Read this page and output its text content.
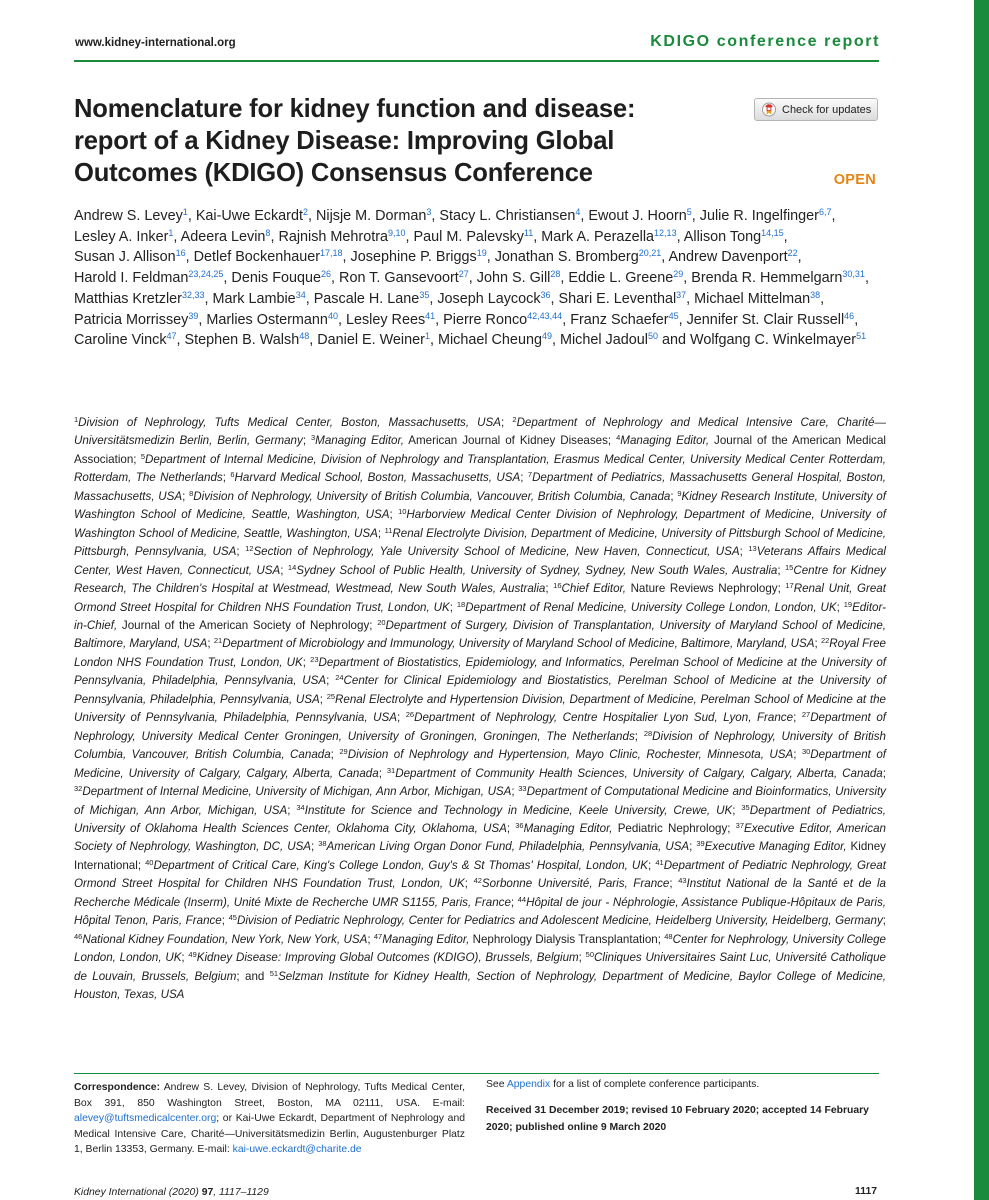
www.kidney-international.org	KDIGO conference report
Nomenclature for kidney function and disease: report of a Kidney Disease: Improving Global Outcomes (KDIGO) Consensus Conference
Check for updates
OPEN

Andrew S. Levey$^1$, Kai-Uwe Eckardt$^2$, Nijsje M. Dorman$^3$, Stacy L. Christiansen$^4$, Ewout J. Hoorn$^5$, Julie R. Ingelfinger$^{6,7}$, Lesley A. Inker$^1$, Adeera Levin$^8$, Rajnish Mehrotra$^{9,10}$, Paul M. Palevsky$^{11}$, Mark A. Perazella$^{12,13}$, Allison Tong$^{14,15}$, Susan J. Allison$^{16}$, Detlef Bockenhauer$^{17,18}$, Josephine P. Briggs$^{19}$, Jonathan S. Bromberg$^{20,21}$, Andrew Davenport$^{22}$, Harold I. Feldman$^{23,24,25}$, Denis Fouque$^{26}$, Ron T. Gansevoort$^{27}$, John S. Gill$^{28}$, Eddie L. Greene$^{29}$, Brenda R. Hemmelgarn$^{30,31}$, Matthias Kretzler$^{32,33}$, Mark Lambie$^{34}$, Pascale H. Lane$^{35}$, Joseph Laycock$^{36}$, Shari E. Leventhal$^{37}$, Michael Mittelman$^{38}$, Patricia Morrissey$^{39}$, Marlies Ostermann$^{40}$, Lesley Rees$^{41}$, Pierre Ronco$^{42,43,44}$, Franz Schaefer$^{45}$, Jennifer St. Clair Russell$^{46}$, Caroline Vinck$^{47}$, Stephen B. Walsh$^{48}$, Daniel E. Weiner$^1$, Michael Cheung$^{49}$, Michel Jadoul$^{50}$ and Wolfgang C. Winkelmayer$^{51}$

$^1$Division of Nephrology, Tufts Medical Center, Boston, Massachusetts, USA; $^2$Department of Nephrology and Medical Intensive Care, Charité—Universitätsmedizin Berlin, Berlin, Germany; $^3$Managing Editor, American Journal of Kidney Diseases; $^4$Managing Editor, Journal of the American Medical Association; $^5$Department of Internal Medicine, Division of Nephrology and Transplantation, Erasmus Medical Center, University Medical Center Rotterdam, Rotterdam, The Netherlands; $^6$Harvard Medical School, Boston, Massachusetts, USA; $^7$Department of Pediatrics, Massachusetts General Hospital, Boston, Massachusetts, USA; $^8$Division of Nephrology, University of British Columbia, Vancouver, British Columbia, Canada; $^9$Kidney Research Institute, University of Washington School of Medicine, Seattle, Washington, USA; $^{10}$Harborview Medical Center Division of Nephrology, Department of Medicine, University of Washington School of Medicine, Seattle, Washington, USA; $^{11}$Renal Electrolyte Division, Department of Medicine, University of Pittsburgh School of Medicine, Pittsburgh, Pennsylvania, USA; $^{12}$Section of Nephrology, Yale University School of Medicine, New Haven, Connecticut, USA; $^{13}$Veterans Affairs Medical Center, West Haven, Connecticut, USA; $^{14}$Sydney School of Public Health, University of Sydney, Sydney, New South Wales, Australia; $^{15}$Centre for Kidney Research, The Children's Hospital at Westmead, Westmead, New South Wales, Australia; $^{16}$Chief Editor, Nature Reviews Nephrology; $^{17}$Renal Unit, Great Ormond Street Hospital for Children NHS Foundation Trust, London, UK; $^{18}$Department of Renal Medicine, University College London, London, UK; $^{19}$Editor-in-Chief, Journal of the American Society of Nephrology; $^{20}$Department of Surgery, Division of Transplantation, University of Maryland School of Medicine, Baltimore, Maryland, USA; $^{21}$Department of Microbiology and Immunology, University of Maryland School of Medicine, Baltimore, Maryland, USA; $^{22}$Royal Free London NHS Foundation Trust, London, UK; $^{23}$Department of Biostatistics, Epidemiology, and Informatics, Perelman School of Medicine at the University of Pennsylvania, Philadelphia, Pennsylvania, USA; $^{24}$Center for Clinical Epidemiology and Biostatistics, Perelman School of Medicine at the University of Pennsylvania, Philadelphia, Pennsylvania, USA; $^{25}$Renal Electrolyte and Hypertension Division, Department of Medicine, Perelman School of Medicine at the University of Pennsylvania, Philadelphia, Pennsylvania, USA; $^{26}$Department of Nephrology, Centre Hospitalier Lyon Sud, Lyon, France; $^{27}$Department of Nephrology, University Medical Center Groningen, University of Groningen, Groningen, The Netherlands; $^{28}$Division of Nephrology, University of British Columbia, Vancouver, British Columbia, Canada; $^{29}$Division of Nephrology and Hypertension, Mayo Clinic, Rochester, Minnesota, USA; $^{30}$Department of Medicine, University of Calgary, Calgary, Alberta, Canada; $^{31}$Department of Community Health Sciences, University of Calgary, Calgary, Alberta, Canada; $^{32}$Department of Internal Medicine, University of Michigan, Ann Arbor, Michigan, USA; $^{33}$Department of Computational Medicine and Bioinformatics, University of Michigan, Ann Arbor, Michigan, USA; $^{34}$Institute for Science and Technology in Medicine, Keele University, Crewe, UK; $^{35}$Department of Pediatrics, University of Oklahoma Health Sciences Center, Oklahoma City, Oklahoma, USA; $^{36}$Managing Editor, Pediatric Nephrology; $^{37}$Executive Editor, American Society of Nephrology, Washington, DC, USA; $^{38}$American Living Organ Donor Fund, Philadelphia, Pennsylvania, USA; $^{39}$Executive Managing Editor, Kidney International; $^{40}$Department of Critical Care, King's College London, Guy's & St Thomas' Hospital, London, UK; $^{41}$Department of Pediatric Nephrology, Great Ormond Street Hospital for Children NHS Foundation Trust, London, UK; $^{42}$Sorbonne Université, Paris, France; $^{43}$Institut National de la Santé et de la Recherche Médicale (Inserm), Unité Mixte de Recherche UMR S1155, Paris, France; $^{44}$Hôpital de jour - Néphrologie, Assistance Publique-Hôpitaux de Paris, Hôpital Tenon, Paris, France; $^{45}$Division of Pediatric Nephrology, Center for Pediatrics and Adolescent Medicine, Heidelberg University, Heidelberg, Germany; $^{46}$National Kidney Foundation, New York, New York, USA; $^{47}$Managing Editor, Nephrology Dialysis Transplantation; $^{48}$Center for Nephrology, University College London, London, UK; $^{49}$Kidney Disease: Improving Global Outcomes (KDIGO), Brussels, Belgium; $^{50}$Cliniques Universitaires Saint Luc, Université Catholique de Louvain, Brussels, Belgium; and $^{51}$Selzman Institute for Kidney Health, Section of Nephrology, Department of Medicine, Baylor College of Medicine, Houston, Texas, USA

Correspondence: Andrew S. Levey, Division of Nephrology, Tufts Medical Center, Box 391, 850 Washington Street, Boston, MA 02111, USA. E-mail: alevey@tuftsmedicalcenter.org; or Kai-Uwe Eckardt, Department of Nephrology and Medical Intensive Care, Charité—Universitätsmedizin Berlin, Augustenburger Platz 1, Berlin 13353, Germany. E-mail: kai-uwe.eckardt@charite.de

See Appendix for a list of complete conference participants.

Received 31 December 2019; revised 10 February 2020; accepted 14 February 2020; published online 9 March 2020

Kidney International (2020) 97, 1117–1129	1117
